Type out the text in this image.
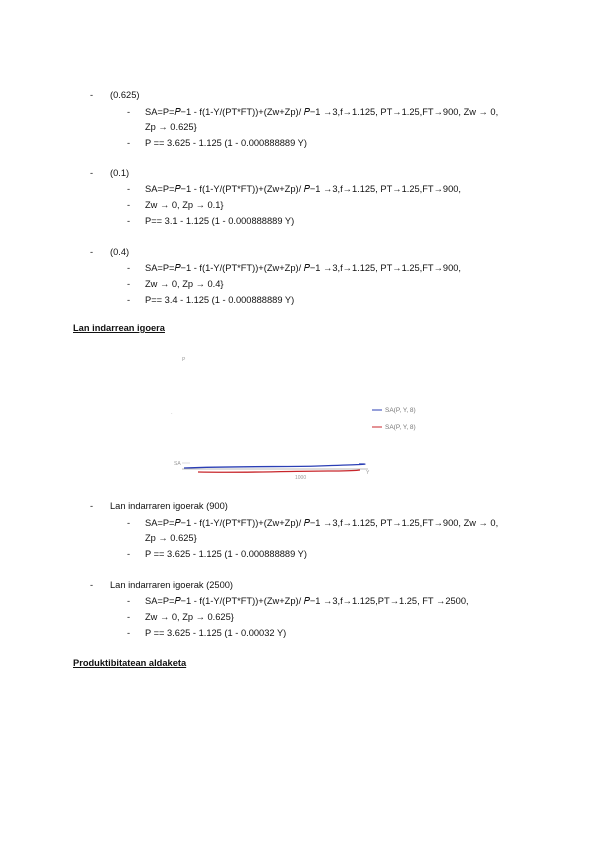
- (0.625)
- SA=P=𝑃−1 - f(1-Y/(PT*FT))+(Zw+Zp)/ 𝑃−1 →3,f→1.125, PT→1.25,FT→900, Zw → 0,
Zp → 0.625}
- P == 3.625 - 1.125 (1 - 0.000888889 Y)
- (0.1)
- SA=P=𝑃−1 - f(1-Y/(PT*FT))+(Zw+Zp)/ 𝑃−1 →3,f→1.125, PT→1.25,FT→900,
- Zw → 0, Zp → 0.1}
- P== 3.1 - 1.125 (1 - 0.000888889 Y)
- (0.4)
- SA=P=𝑃−1 - f(1-Y/(PT*FT))+(Zw+Zp)/ 𝑃−1 →3,f→1.125, PT→1.25,FT→900,
- Zw → 0, Zp → 0.4}
- P== 3.4 - 1.125 (1 - 0.000888889 Y)
Lan indarrean igoera
P
·	SA(P, Y, 8)
SA(P, Y, 8)
SA
1000
Y
- Lan indarraren igoerak (900)
- SA=P=𝑃−1 - f(1-Y/(PT*FT))+(Zw+Zp)/ 𝑃−1 →3,f→1.125, PT→1.25,FT→900, Zw → 0,
Zp → 0.625}
- P == 3.625 - 1.125 (1 - 0.000888889 Y)
- Lan indarraren igoerak (2500)
- SA=P=𝑃−1 - f(1-Y/(PT*FT))+(Zw+Zp)/ 𝑃−1 →3,f→1.125,PT→1.25, FT →2500,
- Zw → 0, Zp → 0.625}
- P == 3.625 - 1.125 (1 - 0.00032 Y)
Produktibitatean aldaketa
